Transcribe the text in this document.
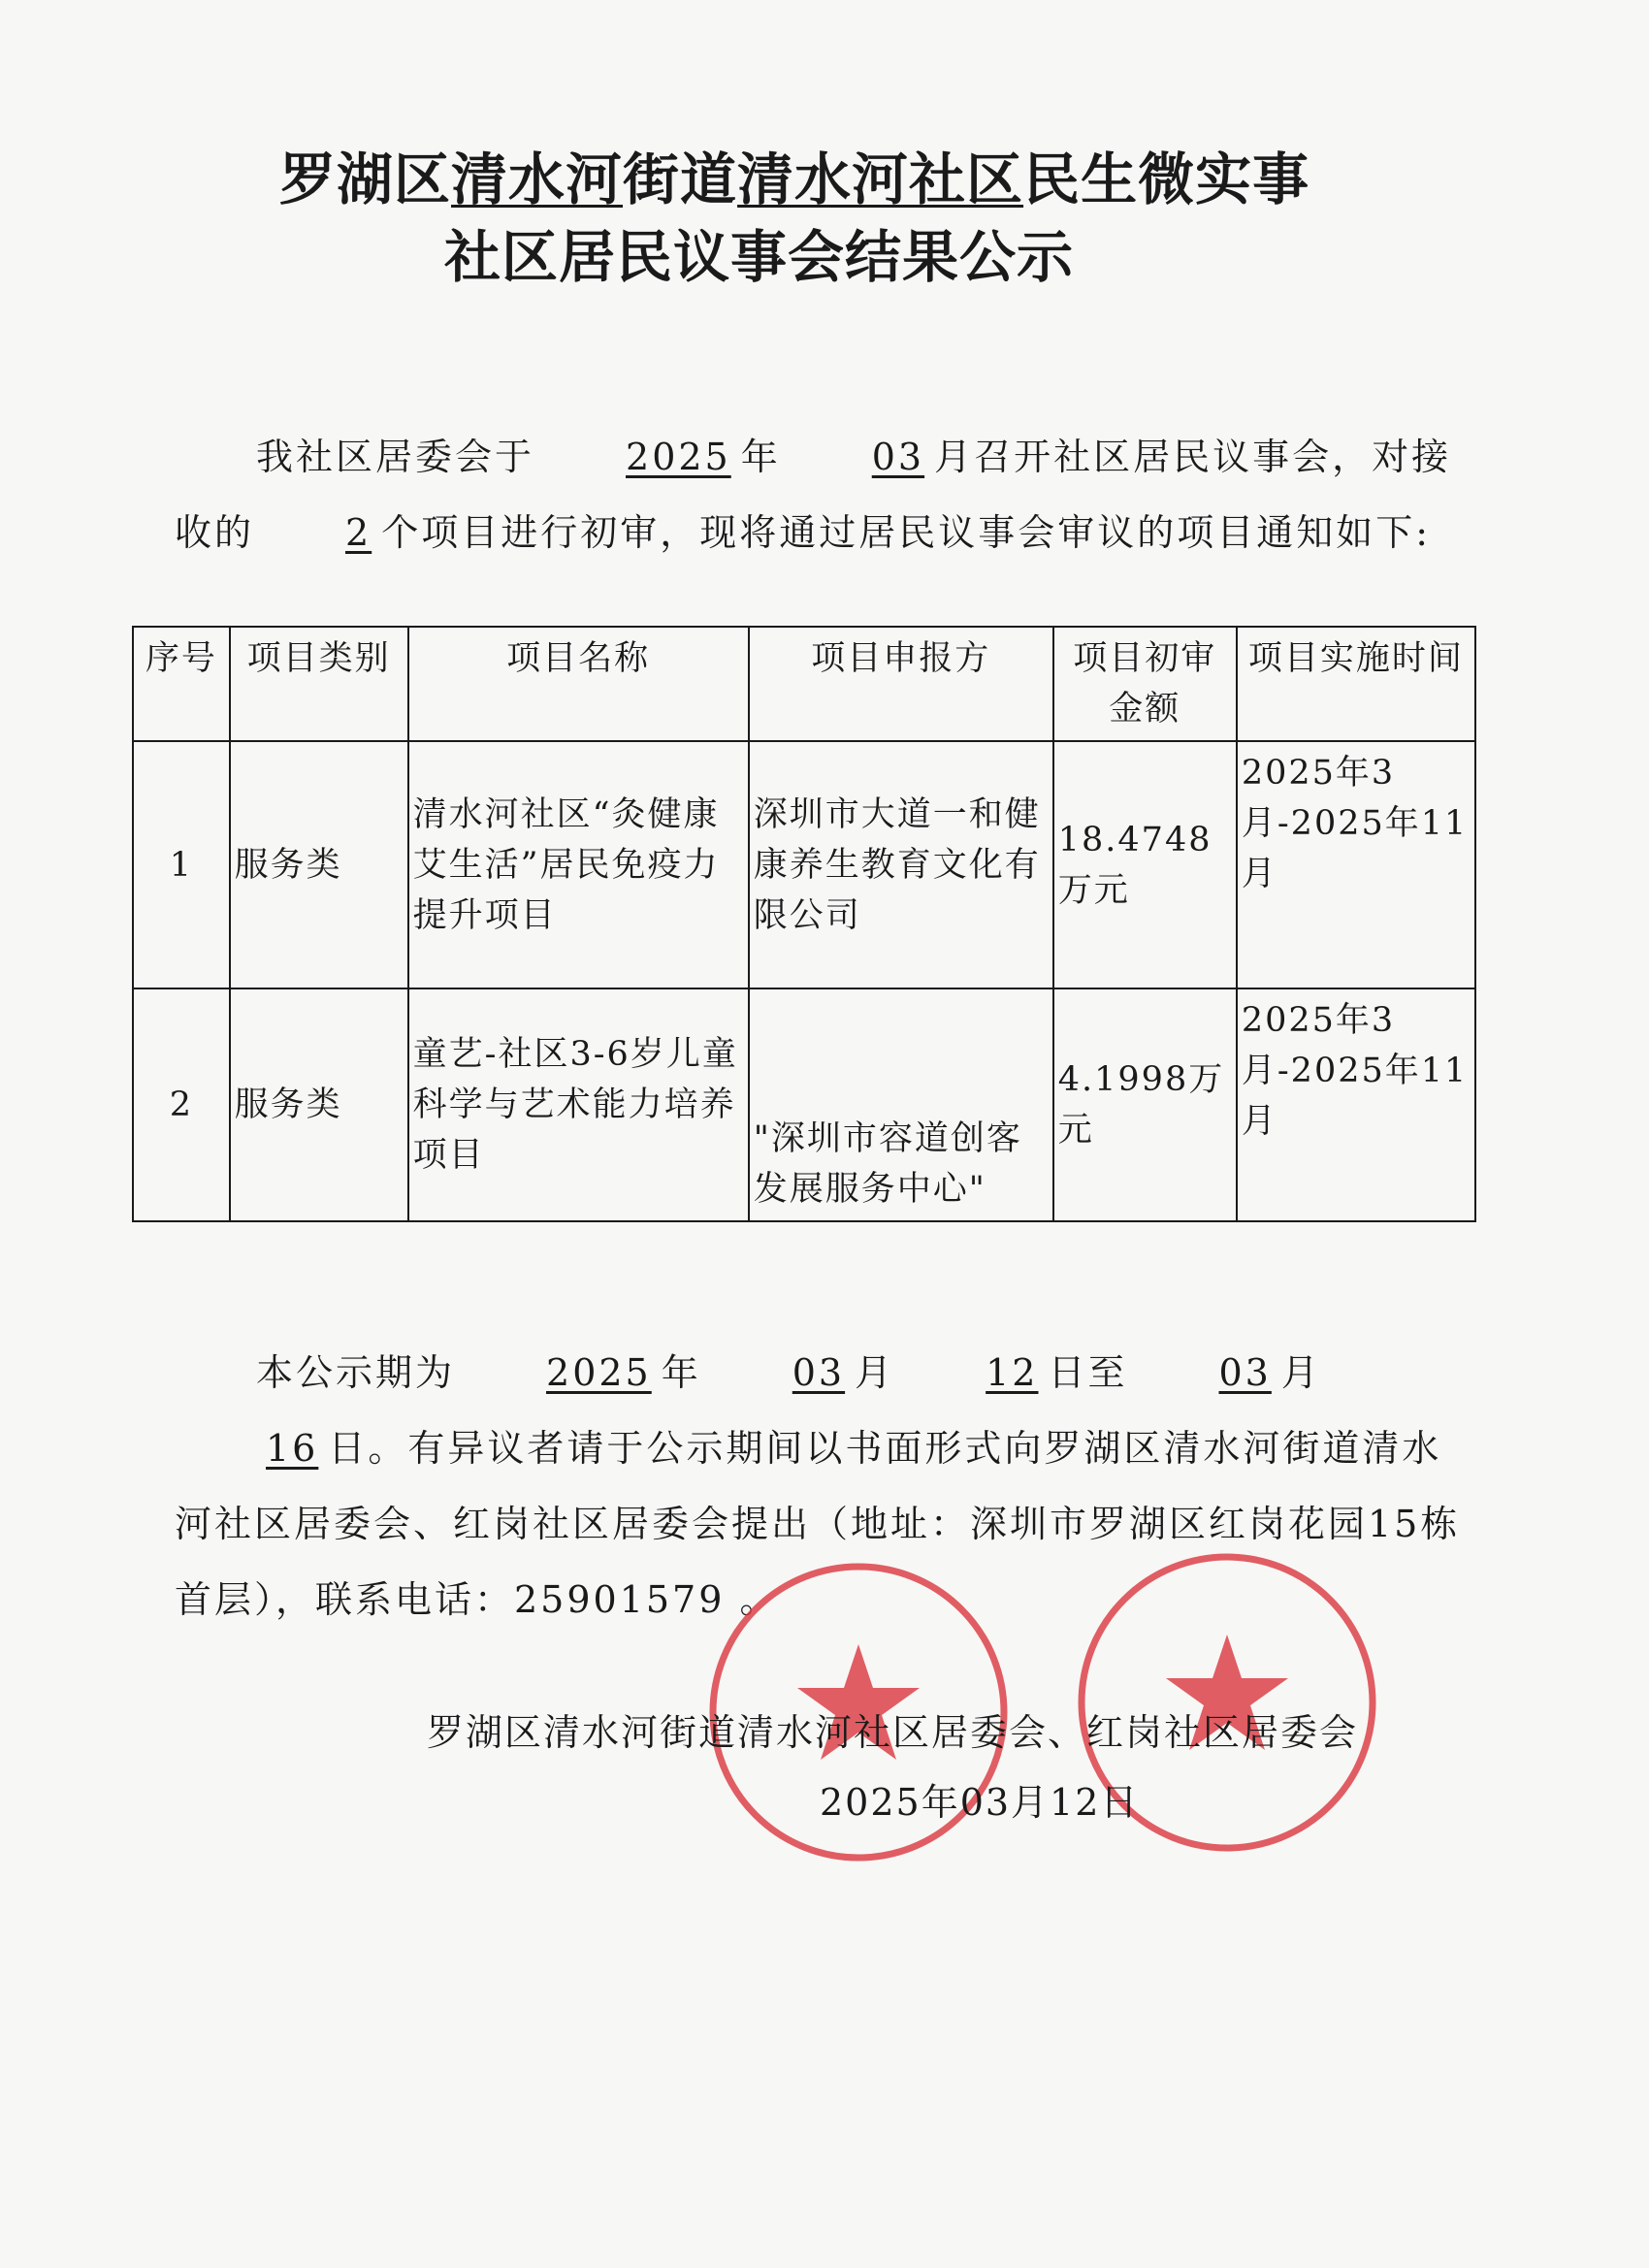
罗湖区清水河街道清水河社区民生微实事
社区居民议事会结果公示
我社区居委会于 2025 年 03 月召开社区居民议事会，对接收的 2 个项目进行初审，现将通过居民议事会审议的项目通知如下:
序号	项目类别	项目名称	项目申报方	项目初审金额	项目实施时间
1	服务类	清水河社区“灸健康艾生活”居民免疫力提升项目	深圳市大道一和健康养生教育文化有限公司	18.4748万元	2025年3月-2025年11月
2	服务类	童艺-社区3-6岁儿童科学与艺术能力培养项目	"深圳市容道创客发展服务中心"	4.1998万元	2025年3月-2025年11月
本公示期为 2025 年 03 月 12 日至 03 月16 日。有异议者请于公示期间以书面形式向罗湖区清水河街道清水河社区居委会、红岗社区居委会提出（地址：深圳市罗湖区红岗花园15栋首层），联系电话：25901579 。
罗湖区清水河街道清水河社区居委会、红岗社区居委会
2025年03月12日
